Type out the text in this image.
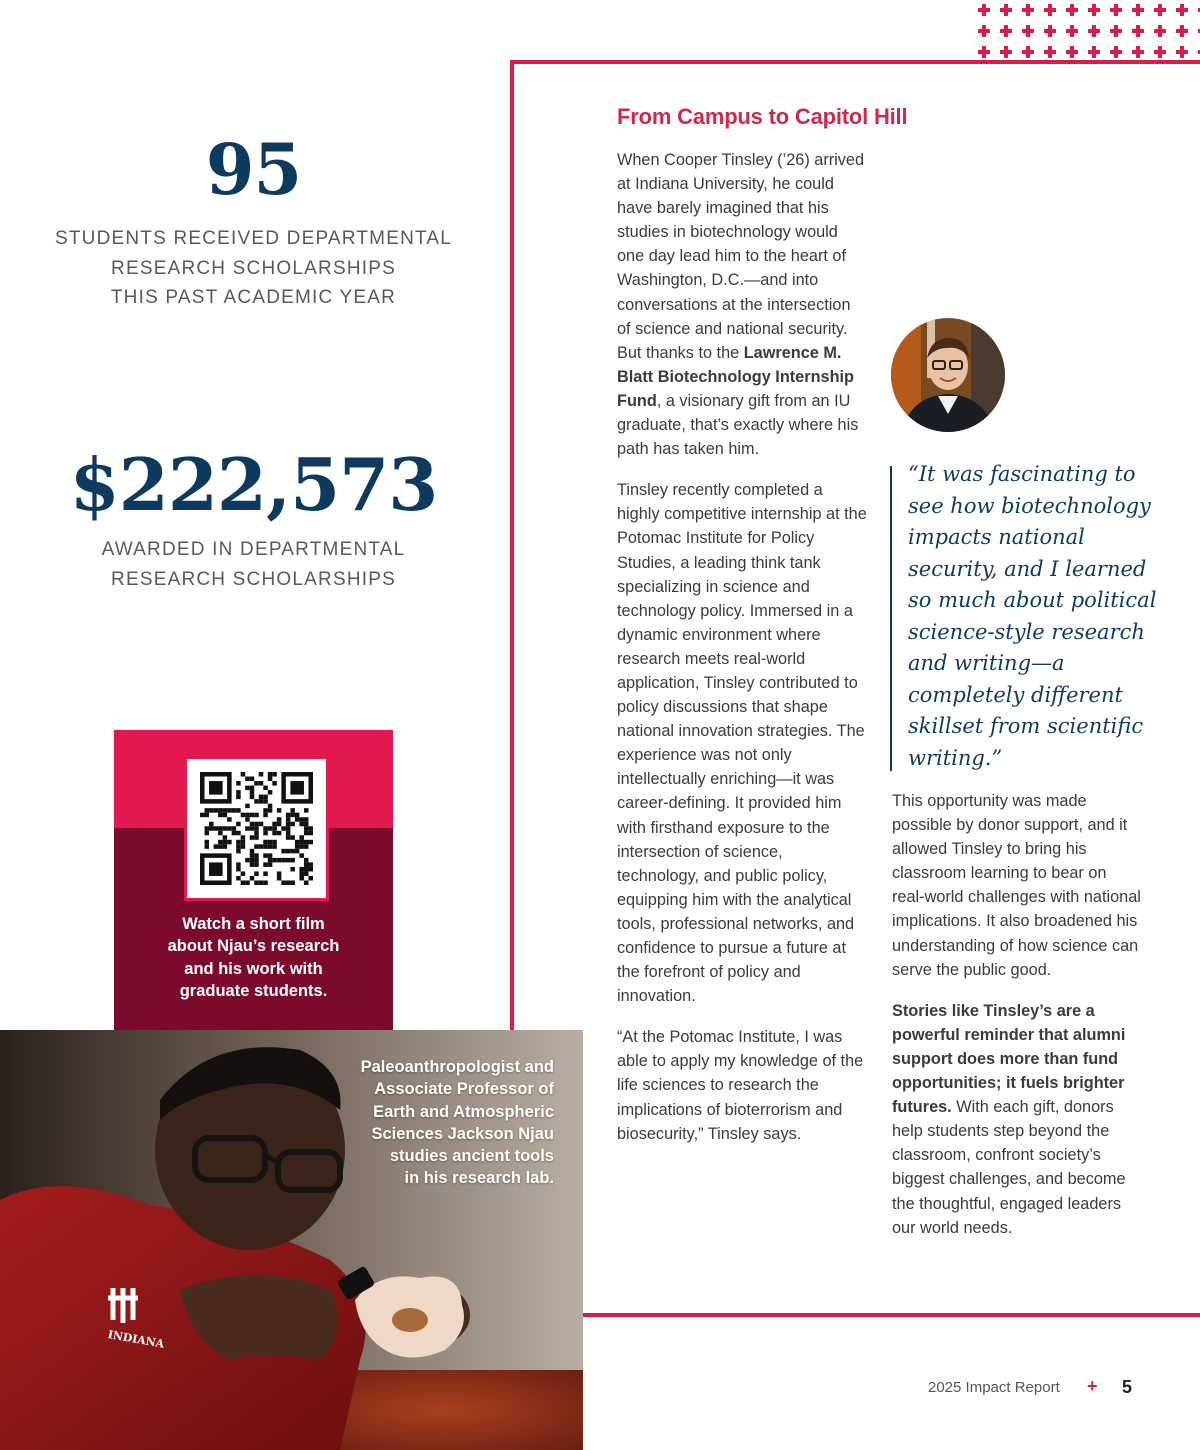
95
STUDENTS RECEIVED DEPARTMENTAL
RESEARCH SCHOLARSHIPS
THIS PAST ACADEMIC YEAR
$222,573
AWARDED IN DEPARTMENTAL
RESEARCH SCHOLARSHIPS
Watch a short film
about Njau’s research
and his work with
graduate students.
INDIANA
Paleoanthropologist and
Associate Professor of
Earth and Atmospheric
Sciences Jackson Njau
studies ancient tools
in his research lab.
From Campus to Capitol Hill

When Cooper Tinsley (’26) arrived at Indiana University, he could have barely imagined that his studies in biotechnology would one day lead him to the heart of Washington, D.C.—and into conversations at the intersection of science and national security. But thanks to the Lawrence M. Blatt Biotechnology Internship Fund, a visionary gift from an IU graduate, that’s exactly where his path has taken him.

Tinsley recently completed a highly competitive internship at the Potomac Institute for Policy Studies, a leading think tank specializing in science and technology policy. Immersed in a dynamic environment where research meets real-world application, Tinsley contributed to policy discussions that shape national innovation strategies. The experience was not only intellectually enriching—it was career-defining. It provided him with firsthand exposure to the intersection of science, technology, and public policy, equipping him with the analytical tools, professional networks, and confidence to pursue a future at the forefront of policy and innovation.

“At the Potomac Institute, I was able to apply my knowledge of the life sciences to research the implications of bioterrorism and biosecurity,” Tinsley says.

“It was fascinating to see how biotechnology impacts national security, and I learned so much about political science-style research and writing—a completely different skillset from scientific writing.”

This opportunity was made possible by donor support, and it allowed Tinsley to bring his classroom learning to bear on real-world challenges with national implications. It also broadened his understanding of how science can serve the public good.

Stories like Tinsley’s are a powerful reminder that alumni support does more than fund opportunities; it fuels brighter futures. With each gift, donors help students step beyond the classroom, confront society’s biggest challenges, and become the thoughtful, engaged leaders our world needs.

2025 Impact Report + 5
